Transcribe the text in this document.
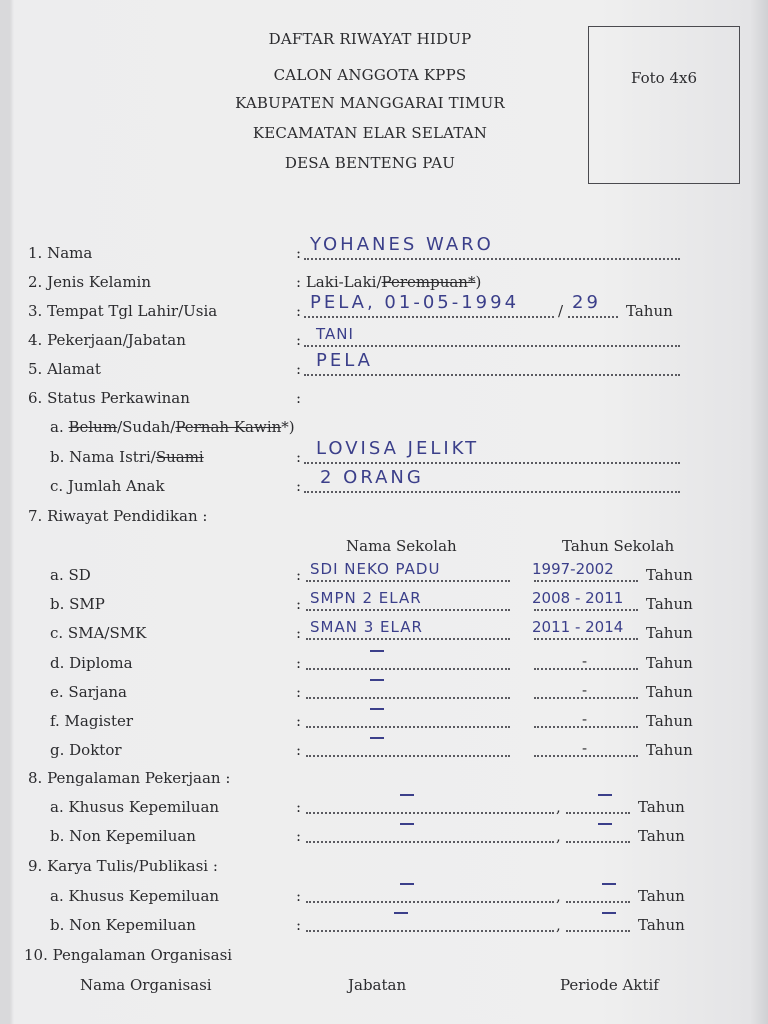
DAFTAR RIWAYAT HIDUP
CALON ANGGOTA KPPS
KABUPATEN MANGGARAI TIMUR
KECAMATAN ELAR SELATAN
DESA BENTENG PAU
Foto 4x6
1. Nama	: YOHANES WARO
2. Jenis Kelamin	: Laki-Laki/Perempuan*)
3. Tempat Tgl Lahir/Usia	: PELA, 01-05-1994	/ 29 Tahun
4. Pekerjaan/Jabatan	: TANI
5. Alamat	: PELA
6. Status Perkawinan	:
a. Belum/Sudah/Pernah Kawin*)
b. Nama Istri/Suami	: LOVISA JELIKT
c. Jumlah Anak	: 2 ORANG
7. Riwayat Pendidikan :
Nama Sekolah	Tahun Sekolah
a. SD	: SDI NEKO PADU	1997-2002 Tahun
b. SMP	: SMPN 2 ELAR	2008 - 2011 Tahun
c. SMA/SMK	: SMAN 3 ELAR	2011 - 2014 Tahun
d. Diploma	:	-	Tahun
e. Sarjana	:	-	Tahun
f. Magister	:	-	Tahun
g. Doktor	:	-	Tahun
8. Pengalaman Pekerjaan :
a. Khusus Kepemiluan	:	,	Tahun
b. Non Kepemiluan	:	,	Tahun
9. Karya Tulis/Publikasi :
a. Khusus Kepemiluan	:	,	Tahun
b. Non Kepemiluan	:	,	Tahun
10. Pengalaman Organisasi
Nama Organisasi	Jabatan	Periode Aktif
